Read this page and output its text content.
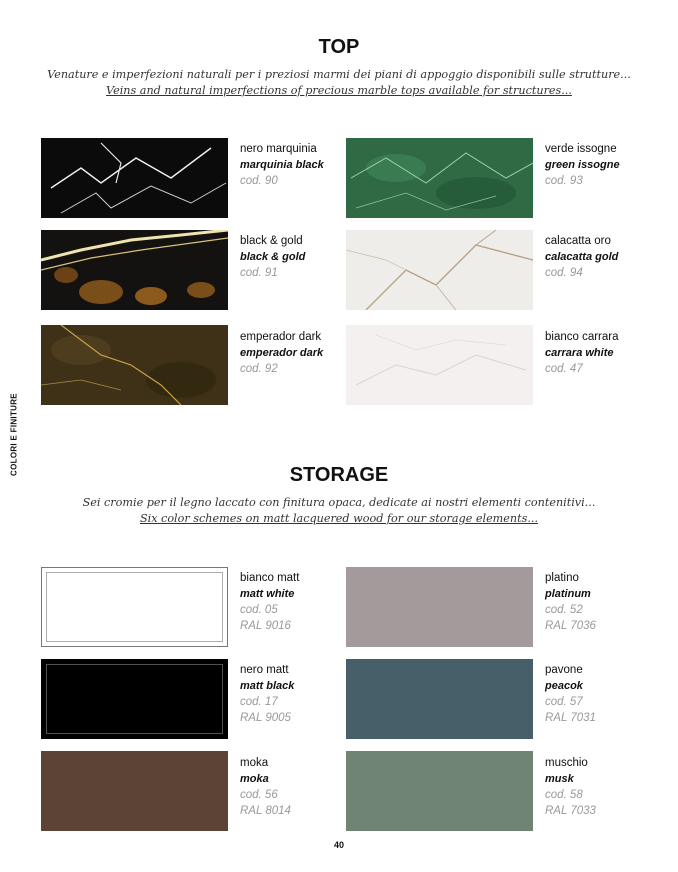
COLORI E FINITURE
TOP
Venature e imperfezioni naturali per i preziosi marmi dei piani di appoggio disponibili sulle strutture...
Veins and natural imperfections of precious marble tops available for structures...
nero marquinia
marquinia black
cod. 90
verde issogne
green issogne
cod. 93
black & gold
black & gold
cod. 91
calacatta oro
calacatta gold
cod. 94
emperador dark
emperador dark
cod. 92
bianco carrara
carrara white
cod. 47
STORAGE
Sei cromie per il legno laccato con finitura opaca, dedicate ai nostri elementi contenitivi...
Six color schemes on matt lacquered wood for our storage elements...
bianco matt
matt white
cod. 05
RAL 9016
platino
platinum
cod. 52
RAL 7036
nero matt
matt black
cod. 17
RAL 9005
pavone
peacok
cod. 57
RAL 7031
moka
moka
cod. 56
RAL 8014
muschio
musk
cod. 58
RAL 7033
40
